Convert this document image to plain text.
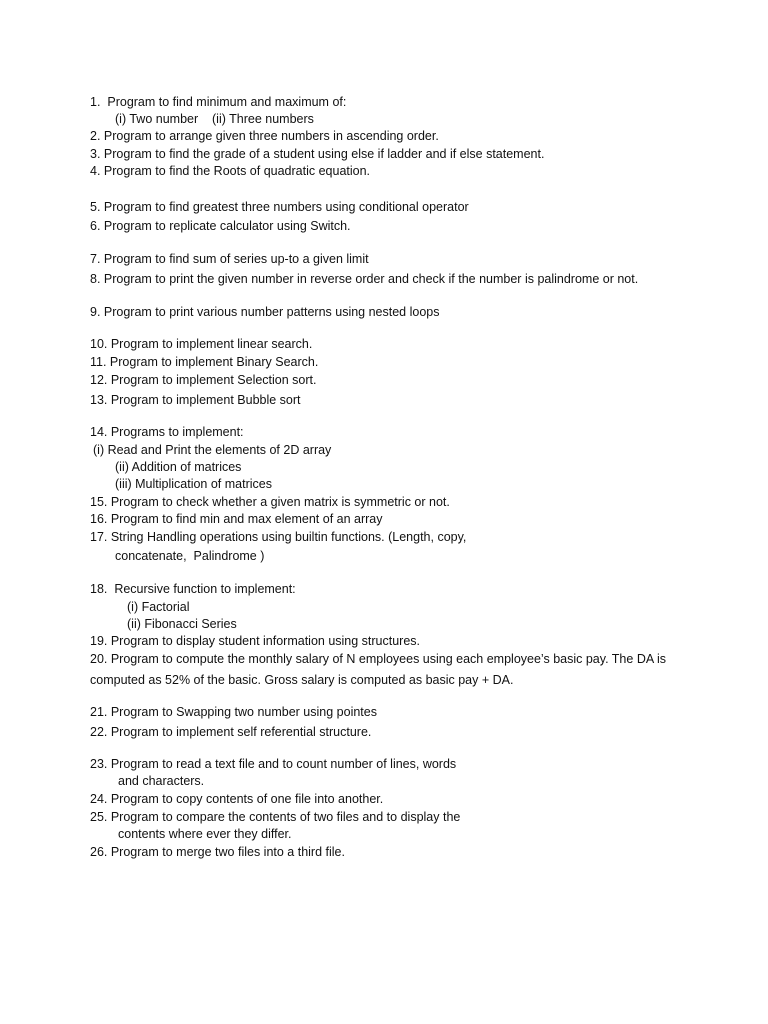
1.  Program to find minimum and maximum of:
(i) Two number    (ii) Three numbers
2. Program to arrange given three numbers in ascending order.
3. Program to find the grade of a student using else if ladder and if else statement.
4. Program to find the Roots of quadratic equation.
5. Program to find greatest three numbers using conditional operator
6. Program to replicate calculator using Switch.
7. Program to find sum of series up-to a given limit
8. Program to print the given number in reverse order and check if the number is palindrome or not.
9. Program to print various number patterns using nested loops
10. Program to implement linear search.
11. Program to implement Binary Search.
12. Program to implement Selection sort.
13. Program to implement Bubble sort
14. Programs to implement:
(i) Read and Print the elements of 2D array
(ii) Addition of matrices
(iii) Multiplication of matrices
15. Program to check whether a given matrix is symmetric or not.
16. Program to find min and max element of an array
17. String Handling operations using builtin functions. (Length, copy,
concatenate,  Palindrome )
18.  Recursive function to implement:
(i) Factorial
(ii) Fibonacci Series
19. Program to display student information using structures.
20. Program to compute the monthly salary of N employees using each employee’s basic pay. The DA is
computed as 52% of the basic. Gross salary is computed as basic pay + DA.
21. Program to Swapping two number using pointes
22. Program to implement self referential structure.
23. Program to read a text file and to count number of lines, words
and characters.
24. Program to copy contents of one file into another.
25. Program to compare the contents of two files and to display the
contents where ever they differ.
26. Program to merge two files into a third file.
